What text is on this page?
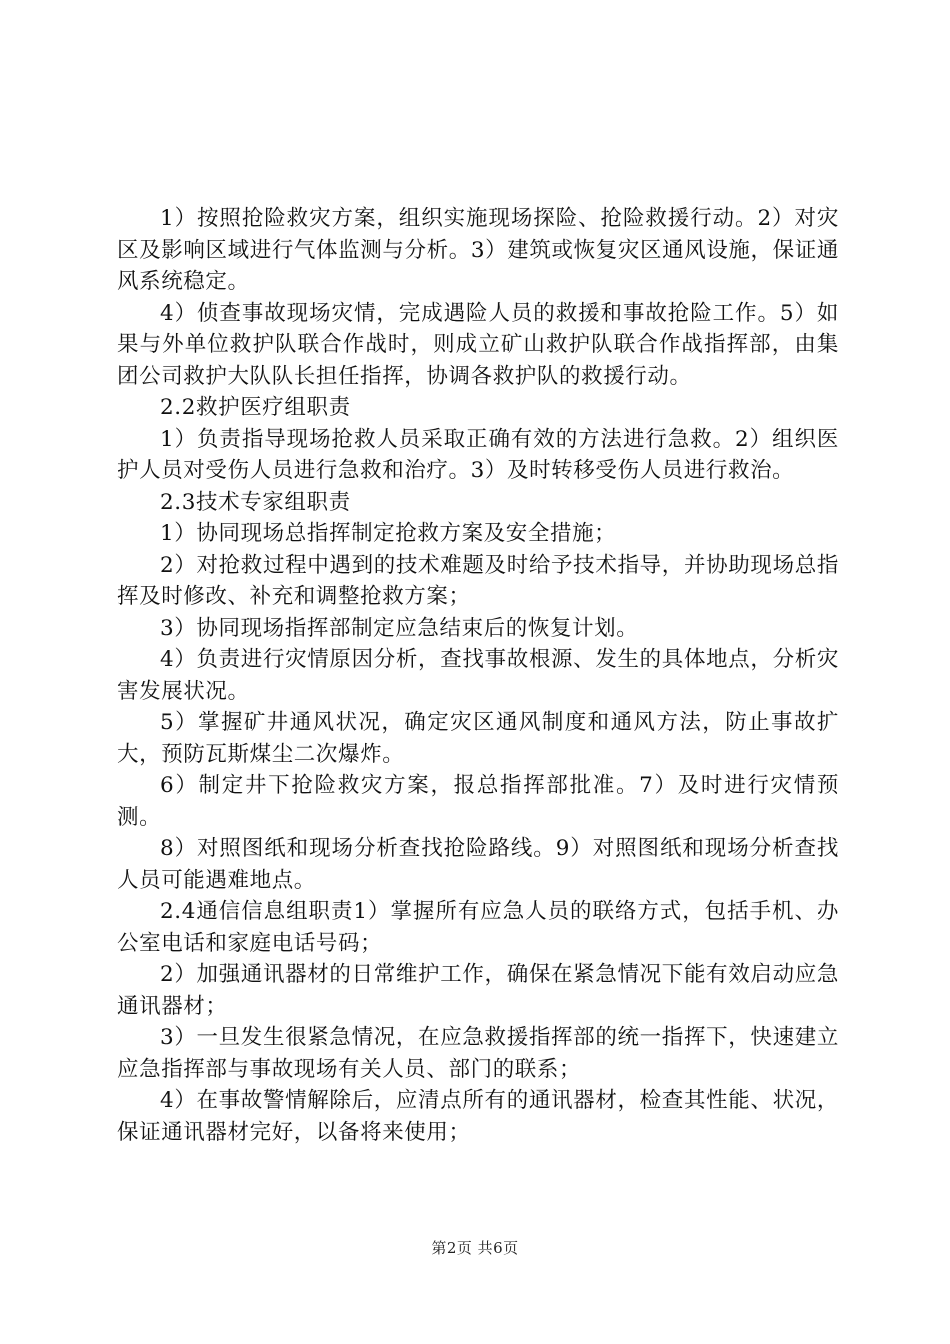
1）按照抢险救灾方案，组织实施现场探险、抢险救援行动。2）对灾区及影响区域进行气体监测与分析。3）建筑或恢复灾区通风设施，保证通风系统稳定。

4）侦查事故现场灾情，完成遇险人员的救援和事故抢险工作。5）如果与外单位救护队联合作战时，则成立矿山救护队联合作战指挥部，由集团公司救护大队队长担任指挥，协调各救护队的救援行动。

2.2救护医疗组职责

1）负责指导现场抢救人员采取正确有效的方法进行急救。2）组织医护人员对受伤人员进行急救和治疗。3）及时转移受伤人员进行救治。

2.3技术专家组职责

1）协同现场总指挥制定抢救方案及安全措施；

2）对抢救过程中遇到的技术难题及时给予技术指导，并协助现场总指挥及时修改、补充和调整抢救方案；

3）协同现场指挥部制定应急结束后的恢复计划。

4）负责进行灾情原因分析，查找事故根源、发生的具体地点，分析灾害发展状况。

5）掌握矿井通风状况，确定灾区通风制度和通风方法，防止事故扩大，预防瓦斯煤尘二次爆炸。

6）制定井下抢险救灾方案，报总指挥部批准。7）及时进行灾情预测。

8）对照图纸和现场分析查找抢险路线。9）对照图纸和现场分析查找人员可能遇难地点。

2.4通信信息组职责1）掌握所有应急人员的联络方式，包括手机、办公室电话和家庭电话号码；

2）加强通讯器材的日常维护工作，确保在紧急情况下能有效启动应急通讯器材；

3）一旦发生很紧急情况，在应急救援指挥部的统一指挥下，快速建立应急指挥部与事故现场有关人员、部门的联系；

4）在事故警情解除后，应清点所有的通讯器材，检查其性能、状况，保证通讯器材完好，以备将来使用；

第2页 共6页
